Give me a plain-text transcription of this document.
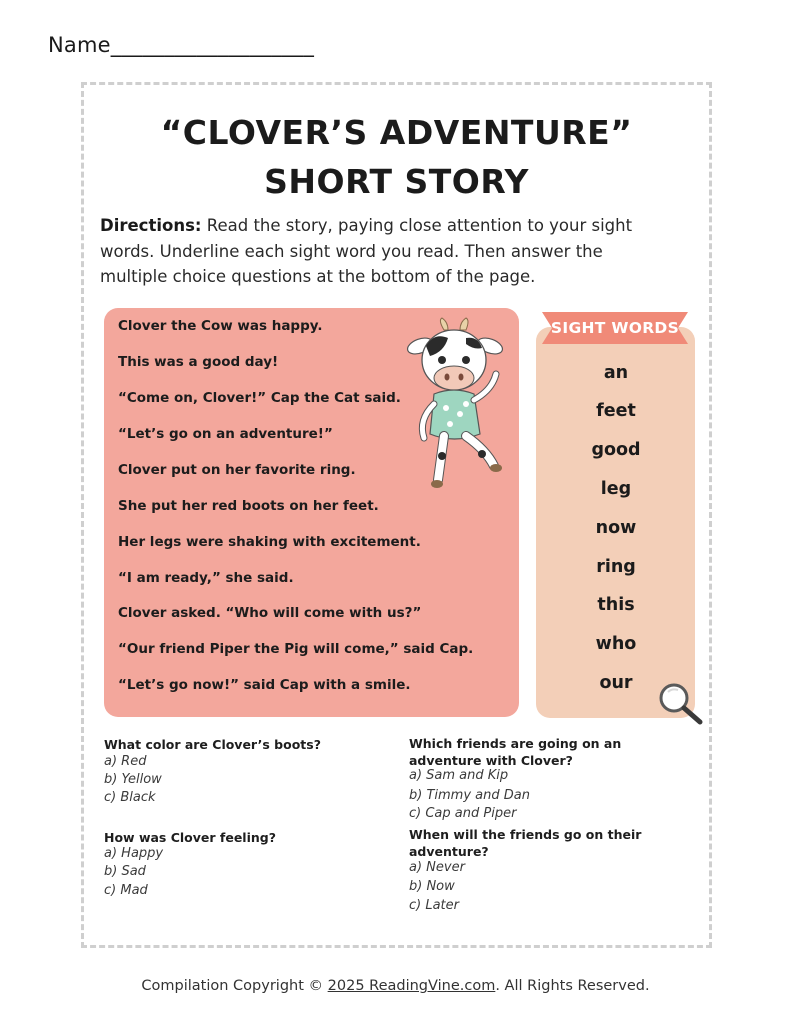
Name___________________
“CLOVER’S ADVENTURE”
SHORT STORY
Directions: Read the story, paying close attention to your sight words. Underline each sight word you read. Then answer the multiple choice questions at the bottom of the page.
Clover the Cow was happy.
This was a good day!
“Come on, Clover!” Cap the Cat said.
“Let’s go on an adventure!”
Clover put on her favorite ring.
She put her red boots on her feet.
Her legs were shaking with excitement.
“I am ready,” she said.
Clover asked. “Who will come with us?”
“Our friend Piper the Pig will come,” said Cap.
“Let’s go now!” said Cap with a smile.
SIGHT WORDS
an
feet
good
leg
now
ring
this
who
our
What color are Clover’s boots?
a) Red
b) Yellow
c) Black
How was Clover feeling?
a) Happy
b) Sad
c) Mad
Which friends are going on an adventure with Clover?
a) Sam and Kip
b) Timmy and Dan
c) Cap and Piper
When will the friends go on their adventure?
a) Never
b) Now
c) Later
Compilation Copyright © 2025 ReadingVine.com. All Rights Reserved.
